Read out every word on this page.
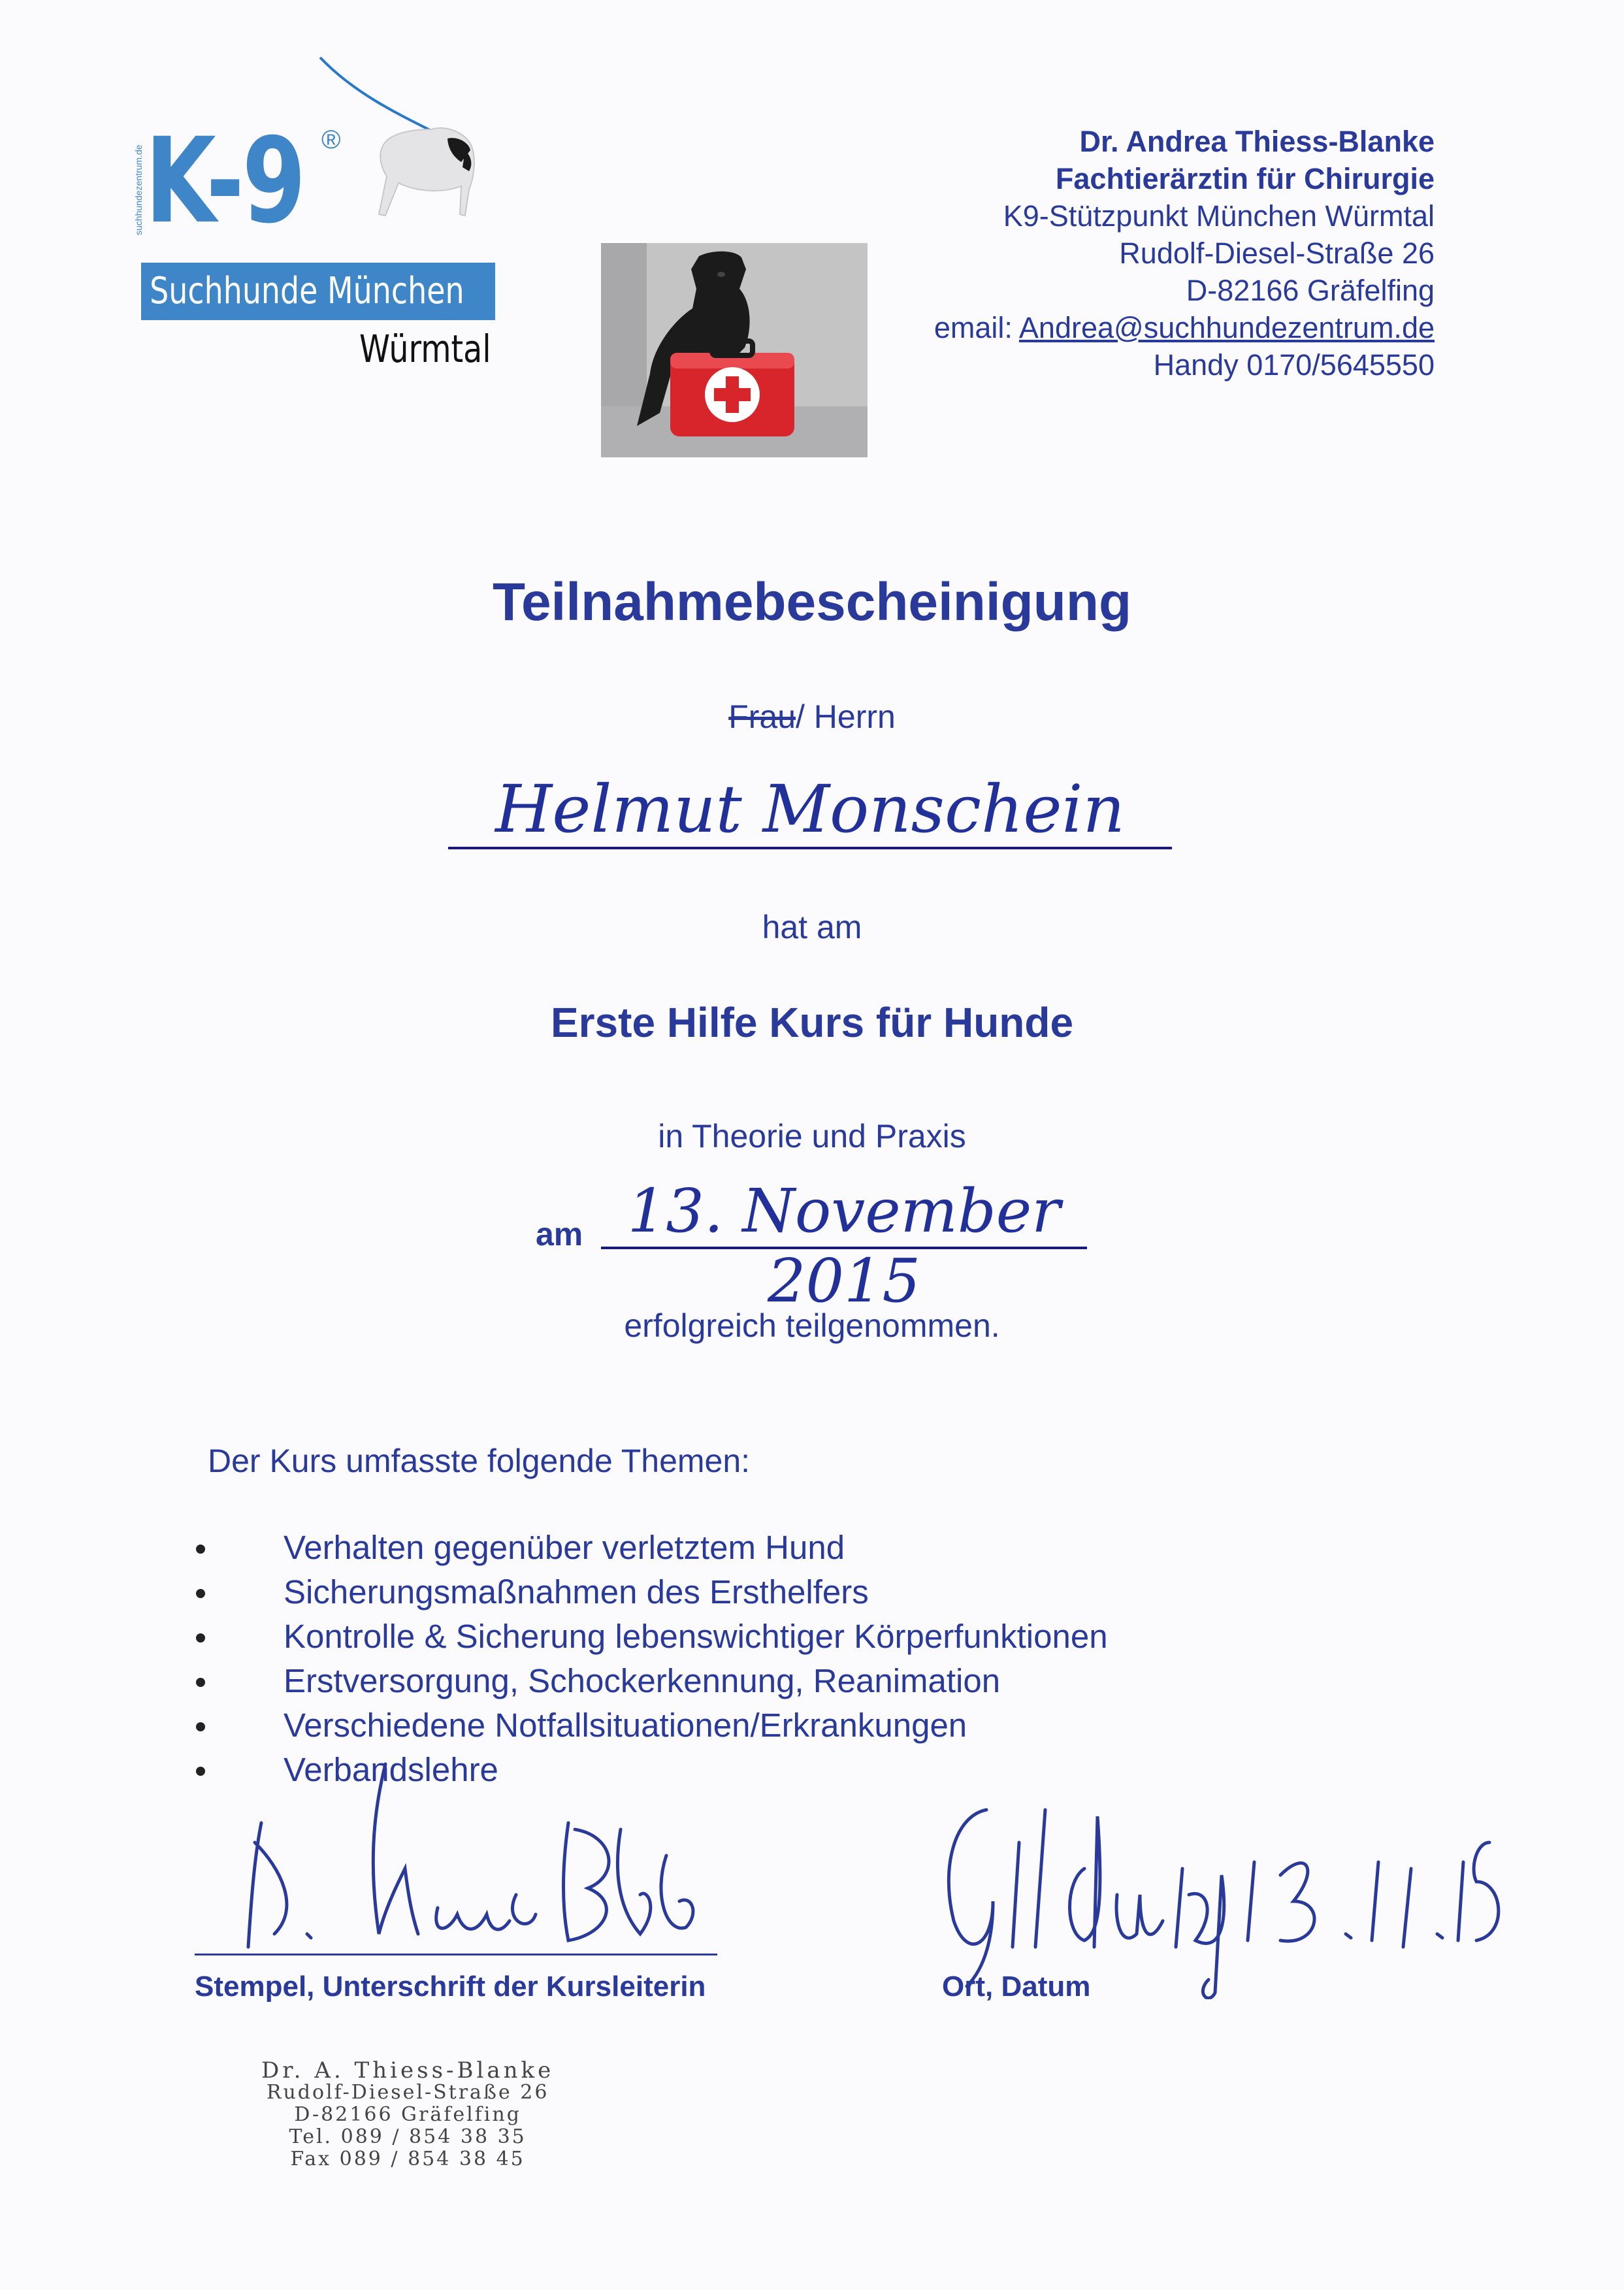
suchhundezentrum.de K-9 ®
Suchhunde München
Würmtal
Dr. Andrea Thiess-Blanke
Fachtierärztin für Chirurgie
K9-Stützpunkt München Würmtal
Rudolf-Diesel-Straße 26
D-82166 Gräfelfing
email: Andrea@suchhundezentrum.de
Handy 0170/5645550
Teilnahmebescheinigung
Frau/ Herrn
Helmut Monschein
hat am
Erste Hilfe Kurs für Hunde
in Theorie und Praxis
am 13. November 2015
erfolgreich teilgenommen.
Der Kurs umfasste folgende Themen:
Verhalten gegenüber verletztem Hund
Sicherungsmaßnahmen des Ersthelfers
Kontrolle & Sicherung lebenswichtiger Körperfunktionen
Erstversorgung, Schockerkennung, Reanimation
Verschiedene Notfallsituationen/Erkrankungen
Verbandslehre
Stempel, Unterschrift der Kursleiterin	Ort, Datum
Dr. A. Thiess-Blanke
Rudolf-Diesel-Straße 26
D-82166 Gräfelfing
Tel. 089 / 854 38 35
Fax 089 / 854 38 45
